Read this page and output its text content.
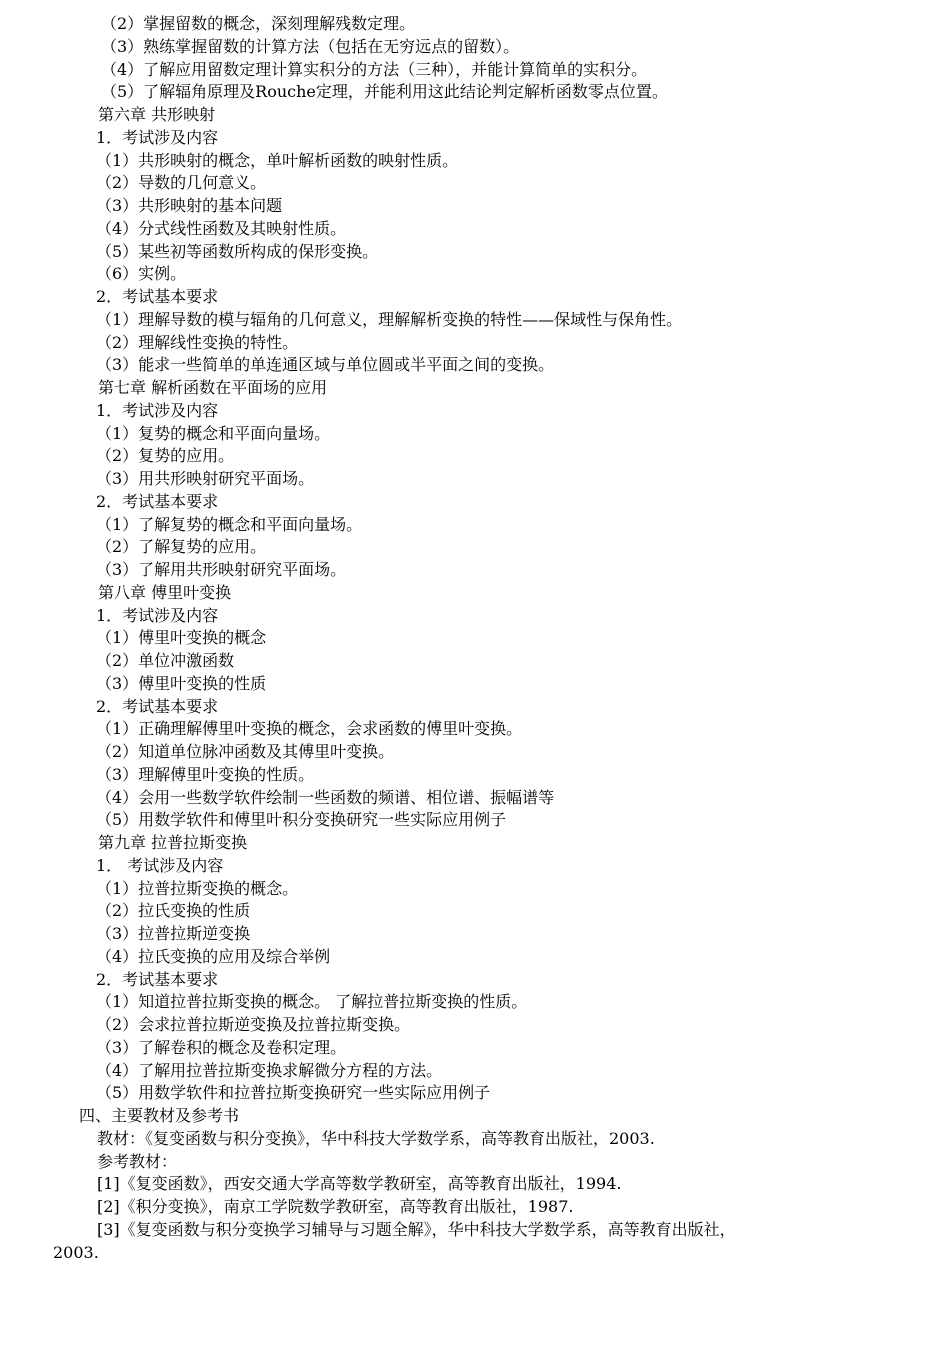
（2）掌握留数的概念，深刻理解残数定理。
（3）熟练掌握留数的计算方法（包括在无穷远点的留数）。
（4）了解应用留数定理计算实积分的方法（三种），并能计算简单的实积分。
（5）了解辐角原理及Rouche定理，并能利用这此结论判定解析函数零点位置。
第六章 共形映射
1．考试涉及内容
（1）共形映射的概念，单叶解析函数的映射性质。
（2）导数的几何意义。
（3）共形映射的基本问题
（4）分式线性函数及其映射性质。
（5）某些初等函数所构成的保形变换。
（6）实例。
2．考试基本要求
（1）理解导数的模与辐角的几何意义，理解解析变换的特性——保域性与保角性。
（2）理解线性变换的特性。
（3）能求一些简单的单连通区域与单位圆或半平面之间的变换。
第七章 解析函数在平面场的应用
1．考试涉及内容
（1）复势的概念和平面向量场。
（2）复势的应用。
（3）用共形映射研究平面场。
2．考试基本要求
（1）了解复势的概念和平面向量场。
（2）了解复势的应用。
（3）了解用共形映射研究平面场。
第八章 傅里叶变换
1．考试涉及内容
（1）傅里叶变换的概念
（2）单位冲激函数
（3）傅里叶变换的性质
2．考试基本要求
（1）正确理解傅里叶变换的概念，会求函数的傅里叶变换。
（2）知道单位脉冲函数及其傅里叶变换。
（3）理解傅里叶变换的性质。
（4）会用一些数学软件绘制一些函数的频谱、相位谱、振幅谱等
（5）用数学软件和傅里叶积分变换研究一些实际应用例子
第九章 拉普拉斯变换
1． 考试涉及内容
（1）拉普拉斯变换的概念。
（2）拉氏变换的性质
（3）拉普拉斯逆变换
（4）拉氏变换的应用及综合举例
2．考试基本要求
（1）知道拉普拉斯变换的概念。 了解拉普拉斯变换的性质。
（2）会求拉普拉斯逆变换及拉普拉斯变换。
（3）了解卷积的概念及卷积定理。
（4）了解用拉普拉斯变换求解微分方程的方法。
（5）用数学软件和拉普拉斯变换研究一些实际应用例子
四、主要教材及参考书
教材：《复变函数与积分变换》，华中科技大学数学系，高等教育出版社，2003.
参考教材：
[1]《复变函数》，西安交通大学高等数学教研室，高等教育出版社，1994.
[2]《积分变换》，南京工学院数学教研室，高等教育出版社，1987.
[3]《复变函数与积分变换学习辅导与习题全解》，华中科技大学数学系，高等教育出版社，
2003.
